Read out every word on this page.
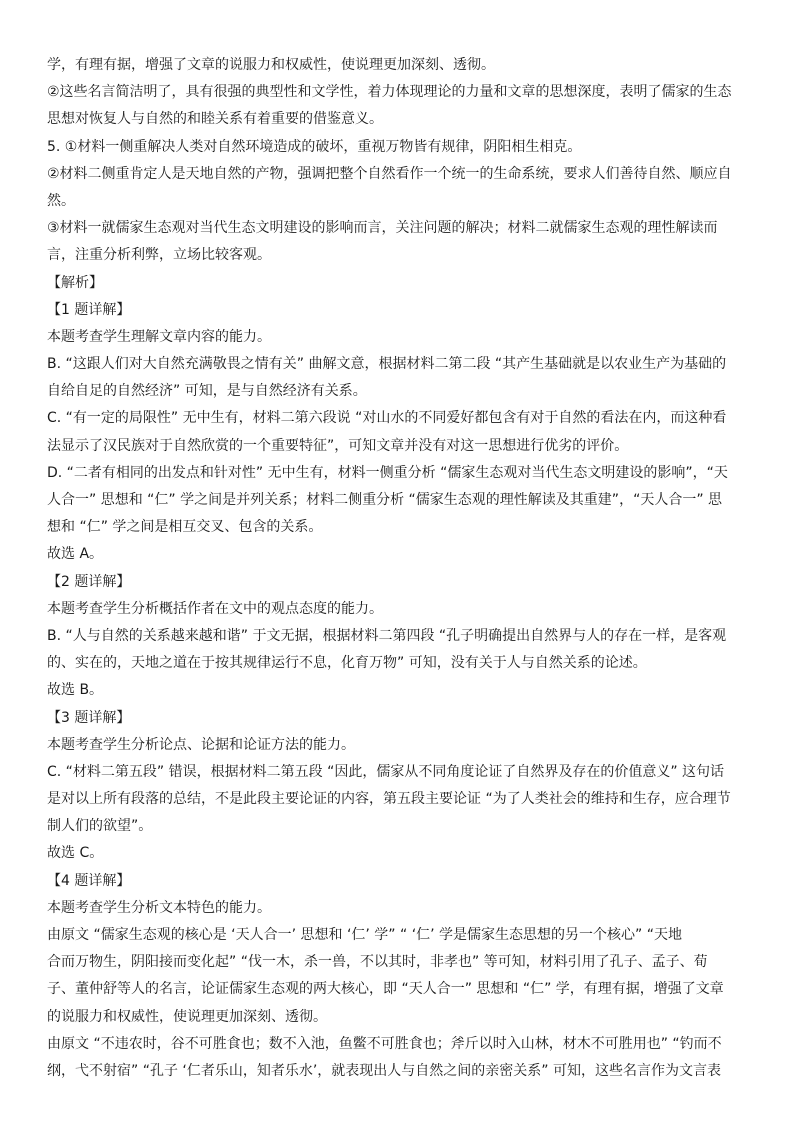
学，有理有据，增强了文章的说服力和权威性，使说理更加深刻、透彻。
②这些名言简洁明了，具有很强的典型性和文学性，着力体现理论的力量和文章的思想深度，表明了儒家的生态
思想对恢复人与自然的和睦关系有着重要的借鉴意义。
5. ①材料一侧重解决人类对自然环境造成的破坏，重视万物皆有规律，阴阳相生相克。
②材料二侧重肯定人是天地自然的产物，强调把整个自然看作一个统一的生命系统，要求人们善待自然、顺应自
然。
③材料一就儒家生态观对当代生态文明建设的影响而言，关注问题的解决；材料二就儒家生态观的理性解读而
言，注重分析利弊，立场比较客观。
【解析】
【1 题详解】
本题考查学生理解文章内容的能力。
B. “这跟人们对大自然充满敬畏之情有关” 曲解文意，根据材料二第二段 “其产生基础就是以农业生产为基础的
自给自足的自然经济” 可知，是与自然经济有关系。
C. “有一定的局限性” 无中生有，材料二第六段说 “对山水的不同爱好都包含有对于自然的看法在内，而这种看
法显示了汉民族对于自然欣赏的一个重要特征”，可知文章并没有对这一思想进行优劣的评价。
D. “二者有相同的出发点和针对性” 无中生有，材料一侧重分析 “儒家生态观对当代生态文明建设的影响”，“天
人合一” 思想和 “仁” 学之间是并列关系；材料二侧重分析 “儒家生态观的理性解读及其重建”，“天人合一” 思
想和 “仁” 学之间是相互交叉、包含的关系。
故选 A。
【2 题详解】
本题考查学生分析概括作者在文中的观点态度的能力。
B. “人与自然的关系越来越和谐” 于文无据，根据材料二第四段 “孔子明确提出自然界与人的存在一样，是客观
的、实在的，天地之道在于按其规律运行不息，化育万物” 可知，没有关于人与自然关系的论述。
故选 B。
【3 题详解】
本题考查学生分析论点、论据和论证方法的能力。
C. “材料二第五段” 错误，根据材料二第五段 “因此，儒家从不同角度论证了自然界及存在的价值意义” 这句话
是对以上所有段落的总结，不是此段主要论证的内容，第五段主要论证 “为了人类社会的维持和生存，应合理节
制人们的欲望”。
故选 C。
【4 题详解】
本题考查学生分析文本特色的能力。
由原文 “儒家生态观的核心是 ‘天人合一’ 思想和 ‘仁’ 学” “ ‘仁’ 学是儒家生态思想的另一个核心” “天地
合而万物生，阴阳接而变化起” “伐一木，杀一兽，不以其时，非孝也” 等可知，材料引用了孔子、孟子、荀
子、董仲舒等人的名言，论证儒家生态观的两大核心，即 “天人合一” 思想和 “仁” 学，有理有据，增强了文章
的说服力和权威性，使说理更加深刻、透彻。
由原文 “不违农时，谷不可胜食也；数不入池，鱼鳖不可胜食也；斧斤以时入山林，材木不可胜用也” “钓而不
纲，弋不射宿” “孔子 ‘仁者乐山，知者乐水’，就表现出人与自然之间的亲密关系” 可知，这些名言作为文言表
